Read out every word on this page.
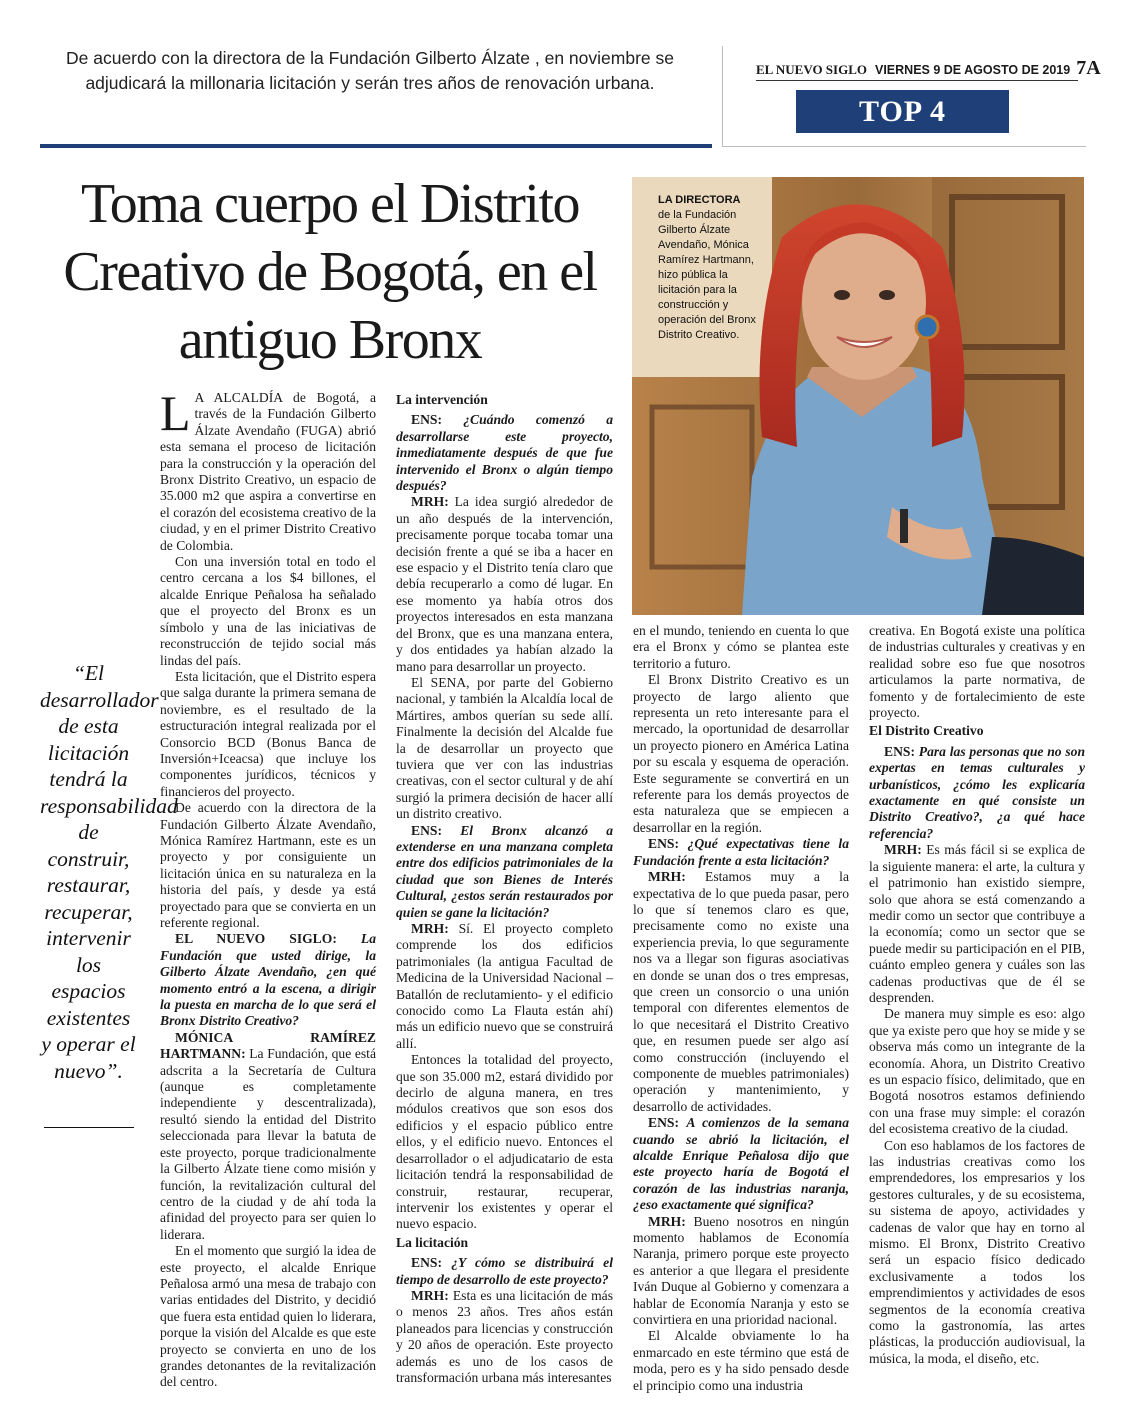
De acuerdo con la directora de la Fundación Gilberto Álzate , en noviembre se adjudicará la millonaria licitación y serán tres años de renovación urbana.
EL NUEVO SIGLO VIERNES 9 DE AGOSTO DE 2019 7A
TOP 4
Toma cuerpo el Distrito Creativo de Bogotá, en el antiguo Bronx
LA DIRECTORA
de la Fundación Gilberto Álzate Avendaño, Mónica Ramírez Hartmann, hizo pública la licitación para la construcción y operación del Bronx Distrito Creativo.
“El desarrollador de esta licitación tendrá la responsabilidad de construir, restaurar, recuperar, intervenir los espacios existentes y operar el nuevo”.

L A ALCALDÍA de Bogotá, a través de la Fundación Gilberto Álzate Avendaño (FUGA) abrió esta semana el proceso de licitación para la construcción y la operación del Bronx Distrito Creativo, un espacio de 35.000 m2 que aspira a convertirse en el corazón del ecosistema creativo de la ciudad, y en el primer Distrito Creativo de Colombia.

Con una inversión total en todo el centro cercana a los $4 billones, el alcalde Enrique Peñalosa ha señalado que el proyecto del Bronx es un símbolo y una de las iniciativas de reconstrucción de tejido social más lindas del país.

Esta licitación, que el Distrito espera que salga durante la primera semana de noviembre, es el resultado de la estructuración integral realizada por el Consorcio BCD (Bonus Banca de Inversión+Iceacsa) que incluye los componentes jurídicos, técnicos y financieros del proyecto.

De acuerdo con la directora de la Fundación Gilberto Álzate Avendaño, Mónica Ramírez Hartmann, este es un proyecto y por consiguiente un licitación única en su naturaleza en la historia del país, y desde ya está proyectado para que se convierta en un referente regional.

EL NUEVO SIGLO: La Fundación que usted dirige, la Gilberto Álzate Avendaño, ¿en qué momento entró a la escena, a dirigir la puesta en marcha de lo que será el Bronx Distrito Creativo?

MÓNICA RAMÍREZ HARTMANN: La Fundación, que está adscrita a la Secretaría de Cultura (aunque es completamente independiente y descentralizada), resultó siendo la entidad del Distrito seleccionada para llevar la batuta de este proyecto, porque tradicionalmente la Gilberto Álzate tiene como misión y función, la revitalización cultural del centro de la ciudad y de ahí toda la afinidad del proyecto para ser quien lo liderara.

En el momento que surgió la idea de este proyecto, el alcalde Enrique Peñalosa armó una mesa de trabajo con varias entidades del Distrito, y decidió que fuera esta entidad quien lo liderara, porque la visión del Alcalde es que este proyecto se convierta en uno de los grandes detonantes de la revitalización del centro.

La intervención

ENS: ¿Cuándo comenzó a desarrollarse este proyecto, inmediatamente después de que fue intervenido el Bronx o algún tiempo después?

MRH: La idea surgió alrededor de un año después de la intervención, precisamente porque tocaba tomar una decisión frente a qué se iba a hacer en ese espacio y el Distrito tenía claro que debía recuperarlo a como dé lugar. En ese momento ya había otros dos proyectos interesados en esta manzana del Bronx, que es una manzana entera, y dos entidades ya habían alzado la mano para desarrollar un proyecto.

El SENA, por parte del Gobierno nacional, y también la Alcaldía local de Mártires, ambos querían su sede allí. Finalmente la decisión del Alcalde fue la de desarrollar un proyecto que tuviera que ver con las industrias creativas, con el sector cultural y de ahí surgió la primera decisión de hacer allí un distrito creativo.

ENS: El Bronx alcanzó a extenderse en una manzana completa entre dos edificios patrimoniales de la ciudad que son Bienes de Interés Cultural, ¿estos serán restaurados por quien se gane la licitación?

MRH: Sí. El proyecto completo comprende los dos edificios patrimoniales (la antigua Facultad de Medicina de la Universidad Nacional –Batallón de reclutamiento- y el edificio conocido como La Flauta están ahí) más un edificio nuevo que se construirá allí.

Entonces la totalidad del proyecto, que son 35.000 m2, estará dividido por decirlo de alguna manera, en tres módulos creativos que son esos dos edificios y el espacio público entre ellos, y el edificio nuevo. Entonces el desarrollador o el adjudicatario de esta licitación tendrá la responsabilidad de construir, restaurar, recuperar, intervenir los existentes y operar el nuevo espacio.

La licitación

ENS: ¿Y cómo se distribuirá el tiempo de desarrollo de este proyecto?

MRH: Esta es una licitación de más o menos 23 años. Tres años están planeados para licencias y construcción y 20 años de operación. Este proyecto además es uno de los casos de transformación urbana más interesantes

en el mundo, teniendo en cuenta lo que era el Bronx y cómo se plantea este territorio a futuro.

El Bronx Distrito Creativo es un proyecto de largo aliento que representa un reto interesante para el mercado, la oportunidad de desarrollar un proyecto pionero en América Latina por su escala y esquema de operación. Este seguramente se convertirá en un referente para los demás proyectos de esta naturaleza que se empiecen a desarrollar en la región.

ENS: ¿Qué expectativas tiene la Fundación frente a esta licitación?

MRH: Estamos muy a la expectativa de lo que pueda pasar, pero lo que sí tenemos claro es que, precisamente como no existe una experiencia previa, lo que seguramente nos va a llegar son figuras asociativas en donde se unan dos o tres empresas, que creen un consorcio o una unión temporal con diferentes elementos de lo que necesitará el Distrito Creativo que, en resumen puede ser algo así como construcción (incluyendo el componente de muebles patrimoniales) operación y mantenimiento, y desarrollo de actividades.

ENS: A comienzos de la semana cuando se abrió la licitación, el alcalde Enrique Peñalosa dijo que este proyecto haría de Bogotá el corazón de las industrias naranja, ¿eso exactamente qué significa?

MRH: Bueno nosotros en ningún momento hablamos de Economía Naranja, primero porque este proyecto es anterior a que llegara el presidente Iván Duque al Gobierno y comenzara a hablar de Economía Naranja y esto se convirtiera en una prioridad nacional.

El Alcalde obviamente lo ha enmarcado en este término que está de moda, pero es y ha sido pensado desde el principio como una industria

creativa. En Bogotá existe una política de industrias culturales y creativas y en realidad sobre eso fue que nosotros articulamos la parte normativa, de fomento y de fortalecimiento de este proyecto.

El Distrito Creativo

ENS: Para las personas que no son expertas en temas culturales y urbanísticos, ¿cómo les explicaría exactamente en qué consiste un Distrito Creativo?, ¿a qué hace referencia?

MRH: Es más fácil si se explica de la siguiente manera: el arte, la cultura y el patrimonio han existido siempre, solo que ahora se está comenzando a medir como un sector que contribuye a la economía; como un sector que se puede medir su participación en el PIB, cuánto empleo genera y cuáles son las cadenas productivas que de él se desprenden.

De manera muy simple es eso: algo que ya existe pero que hoy se mide y se observa más como un integrante de la economía. Ahora, un Distrito Creativo es un espacio físico, delimitado, que en Bogotá nosotros estamos definiendo con una frase muy simple: el corazón del ecosistema creativo de la ciudad.

Con eso hablamos de los factores de las industrias creativas como los emprendedores, los empresarios y los gestores culturales, y de su ecosistema, su sistema de apoyo, actividades y cadenas de valor que hay en torno al mismo. El Bronx, Distrito Creativo será un espacio físico dedicado exclusivamente a todos los emprendimientos y actividades de esos segmentos de la economía creativa como la gastronomía, las artes plásticas, la producción audiovisual, la música, la moda, el diseño, etc.
